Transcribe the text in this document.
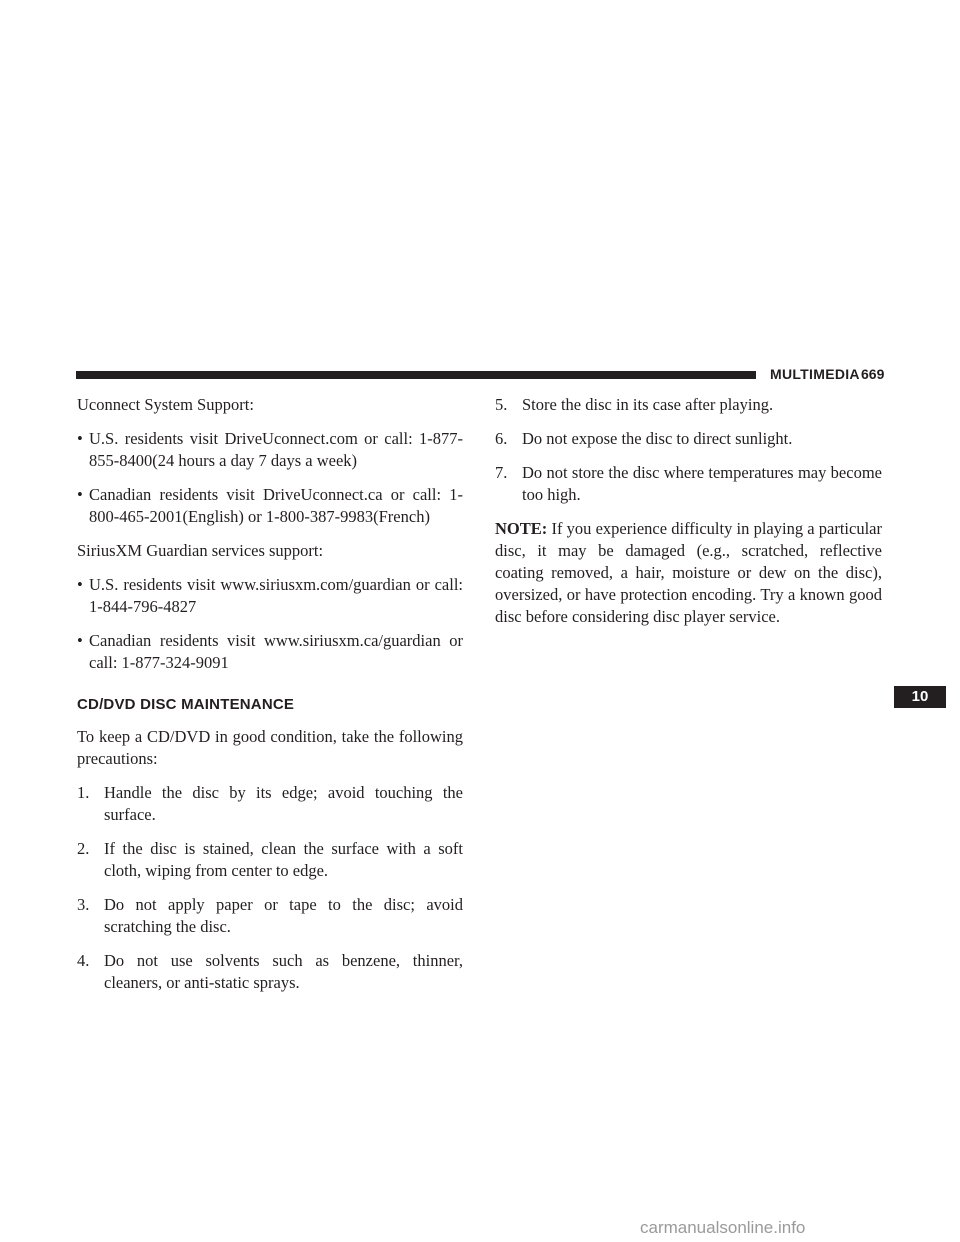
MULTIMEDIA 669

Uconnect System Support:

• U.S. residents visit DriveUconnect.com or call: 1-877-855-8400(24 hours a day 7 days a week)
• Canadian residents visit DriveUconnect.ca or call: 1-800-465-2001(English) or 1-800-387-9983(French)

SiriusXM Guardian services support:

• U.S. residents visit www.siriusxm.com/guardian or call: 1-844-796-4827
• Canadian residents visit www.siriusxm.ca/guardian or call: 1-877-324-9091
CD/DVD DISC MAINTENANCE

To keep a CD/DVD in good condition, take the following precautions:

1. Handle the disc by its edge; avoid touching the surface.
2. If the disc is stained, clean the surface with a soft cloth, wiping from center to edge.
3. Do not apply paper or tape to the disc; avoid scratching the disc.
4. Do not use solvents such as benzene, thinner, cleaners, or anti-static sprays.
5. Store the disc in its case after playing.
6. Do not expose the disc to direct sunlight.
7. Do not store the disc where temperatures may become too high.

NOTE: If you experience difficulty in playing a particular disc, it may be damaged (e.g., scratched, reflective coating removed, a hair, moisture or dew on the disc), oversized, or have protection encoding. Try a known good disc before considering disc player service.

10
carmanualsonline.info
